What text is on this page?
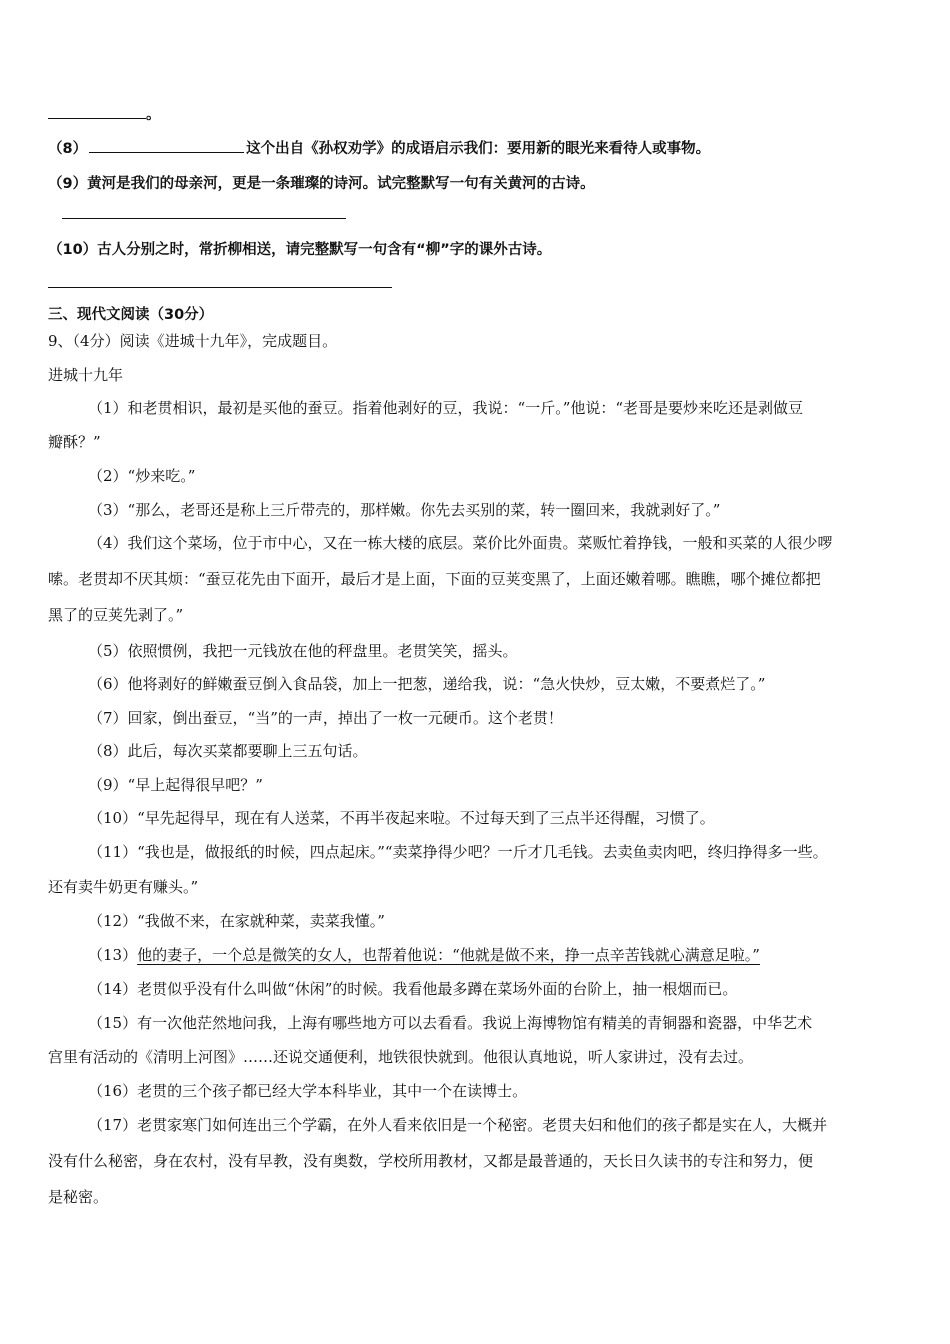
。
（8）	这个出自《孙权劝学》的成语启示我们：要用新的眼光来看待人或事物。
（9）黄河是我们的母亲河，更是一条璀璨的诗河。试完整默写一句有关黄河的古诗。
（10）古人分别之时，常折柳相送，请完整默写一句含有“柳”字的课外古诗。
三、现代文阅读（30分）
9、（4分）阅读《进城十九年》，完成题目。
进城十九年
（1）和老贯相识，最初是买他的蚕豆。指着他剥好的豆，我说：“一斤。”他说：“老哥是要炒来吃还是剥做豆
瓣酥？”
（2）“炒来吃。”
（3）“那么，老哥还是称上三斤带壳的，那样嫩。你先去买别的菜，转一圈回来，我就剥好了。”
（4）我们这个菜场，位于市中心，又在一栋大楼的底层。菜价比外面贵。菜贩忙着挣钱，一般和买菜的人很少啰
嗦。老贯却不厌其烦：“蚕豆花先由下面开，最后才是上面，下面的豆荚变黑了，上面还嫩着哪。瞧瞧，哪个摊位都把
黑了的豆荚先剥了。”
（5）依照惯例，我把一元钱放在他的秤盘里。老贯笑笑，摇头。
（6）他将剥好的鲜嫩蚕豆倒入食品袋，加上一把葱，递给我，说：“急火快炒，豆太嫩，不要煮烂了。”
（7）回家，倒出蚕豆，“当”的一声，掉出了一枚一元硬币。这个老贯！
（8）此后，每次买菜都要聊上三五句话。
（9）“早上起得很早吧？”
（10）“早先起得早，现在有人送菜，不再半夜起来啦。不过每天到了三点半还得醒，习惯了。
（11）“我也是，做报纸的时候，四点起床。”“卖菜挣得少吧？一斤才几毛钱。去卖鱼卖肉吧，终归挣得多一些。
还有卖牛奶更有赚头。”
（12）“我做不来，在家就种菜，卖菜我懂。”
（13）他的妻子，一个总是微笑的女人，也帮着他说：“他就是做不来，挣一点辛苦钱就心满意足啦。”
（14）老贯似乎没有什么叫做“休闲”的时候。我看他最多蹲在菜场外面的台阶上，抽一根烟而已。
（15）有一次他茫然地问我，上海有哪些地方可以去看看。我说上海博物馆有精美的青铜器和瓷器，中华艺术
宫里有活动的《清明上河图》……还说交通便利，地铁很快就到。他很认真地说，听人家讲过，没有去过。
（16）老贯的三个孩子都已经大学本科毕业，其中一个在读博士。
（17）老贯家寒门如何连出三个学霸，在外人看来依旧是一个秘密。老贯夫妇和他们的孩子都是实在人，大概并
没有什么秘密，身在农村，没有早教，没有奥数，学校所用教材，又都是最普通的，天长日久读书的专注和努力，便
是秘密。
